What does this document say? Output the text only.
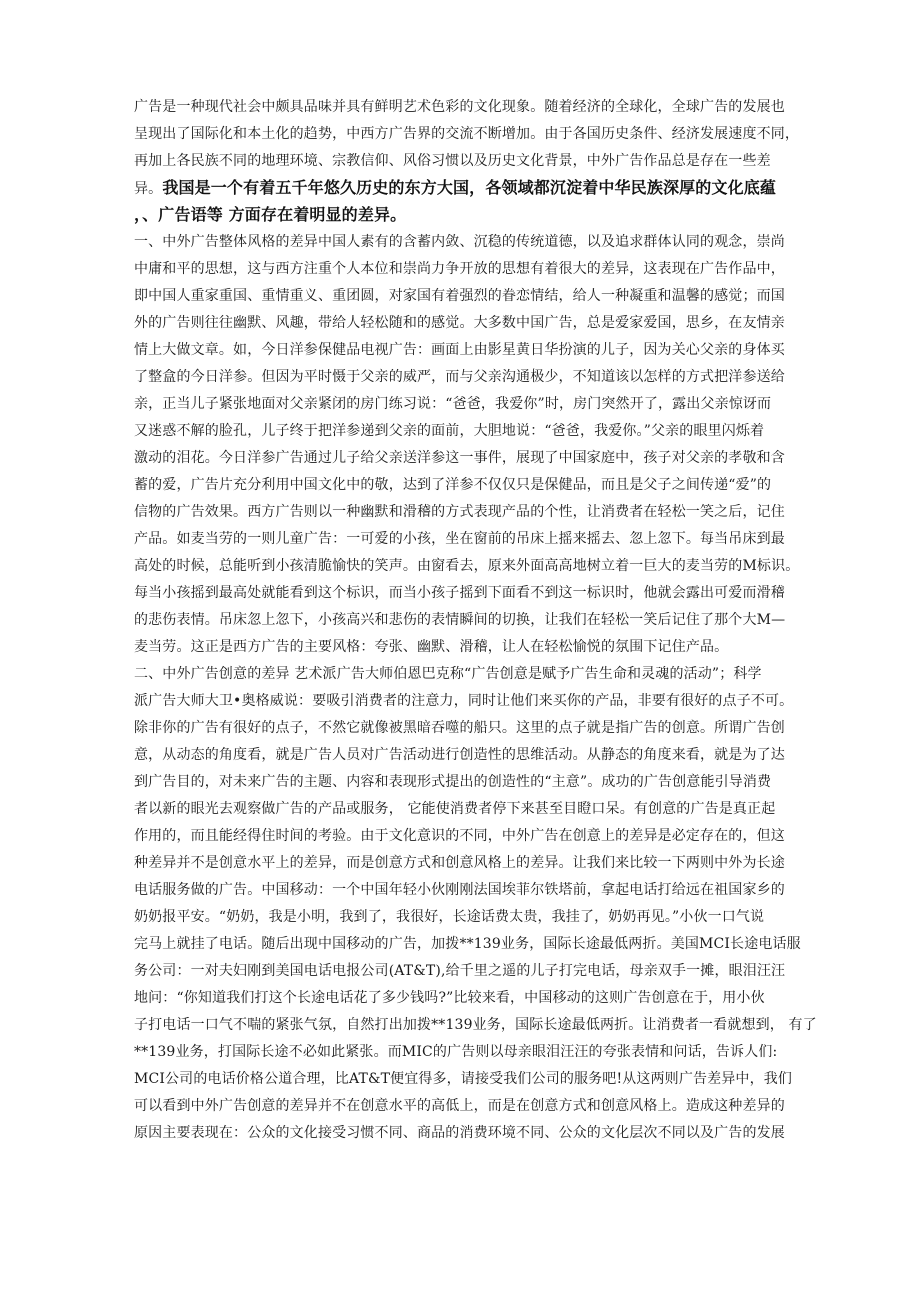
广告是一种现代社会中颇具品味并具有鲜明艺术色彩的文化现象。随着经济的全球化，全球广告的发展也
呈现出了国际化和本土化的趋势，中西方广告界的交流不断增加。由于各国历史条件、经济发展速度不同，
再加上各民族不同的地理环境、宗教信仰、风俗习惯以及历史文化背景，中外广告作品总是存在一些差
异。我国是一个有着五千年悠久历史的东方大国，各领域都沉淀着中华民族深厚的文化底蕴
，、广告语等 方面存在着明显的差异。
一、中外广告整体风格的差异中国人素有的含蓄内敛、沉稳的传统道德，以及追求群体认同的观念，崇尚
中庸和平的思想，这与西方注重个人本位和崇尚力争开放的思想有着很大的差异，这表现在广告作品中，
即中国人重家重国、重情重义、重团圆，对家国有着强烈的眷恋情结，给人一种凝重和温馨的感觉；而国
外的广告则往往幽默、风趣，带给人轻松随和的感觉。大多数中国广告，总是爱家爱国，思乡，在友情亲
情上大做文章。如，今日洋参保健品电视广告：画面上由影星黄日华扮演的儿子，因为关心父亲的身体买
了整盒的今日洋参。但因为平时慑于父亲的威严，而与父亲沟通极少，不知道该以怎样的方式把洋参送给
亲，正当儿子紧张地面对父亲紧闭的房门练习说：“爸爸，我爱你”时，房门突然开了，露出父亲惊讶而
又迷惑不解的脸孔，儿子终于把洋参递到父亲的面前，大胆地说：“爸爸，我爱你。”父亲的眼里闪烁着
激动的泪花。今日洋参广告通过儿子给父亲送洋参这一事件，展现了中国家庭中，孩子对父亲的孝敬和含
蓄的爱，广告片充分利用中国文化中的敬，达到了洋参不仅仅只是保健品，而且是父子之间传递“爱”的
信物的广告效果。西方广告则以一种幽默和滑稽的方式表现产品的个性，让消费者在轻松一笑之后，记住
产品。如麦当劳的一则儿童广告：一可爱的小孩，坐在窗前的吊床上摇来摇去、忽上忽下。每当吊床到最
高处的时候，总能听到小孩清脆愉快的笑声。由窗看去，原来外面高高地树立着一巨大的麦当劳的M标识。
每当小孩摇到最高处就能看到这个标识，而当小孩子摇到下面看不到这一标识时，他就会露出可爱而滑稽
的悲伤表情。吊床忽上忽下，小孩高兴和悲伤的表情瞬间的切换，让我们在轻松一笑后记住了那个大M—
麦当劳。这正是西方广告的主要风格：夸张、幽默、滑稽，让人在轻松愉悦的氛围下记住产品。
二、中外广告创意的差异 艺术派广告大师伯恩巴克称“广告创意是赋予广告生命和灵魂的活动”；科学
派广告大师大卫•奥格威说：要吸引消费者的注意力，同时让他们来买你的产品，非要有很好的点子不可。
除非你的广告有很好的点子，不然它就像被黑暗吞噬的船只。这里的点子就是指广告的创意。所谓广告创
意，从动态的角度看，就是广告人员对广告活动进行创造性的思维活动。从静态的角度来看，就是为了达
到广告目的，对未来广告的主题、内容和表现形式提出的创造性的“主意”。成功的广告创意能引导消费
者以新的眼光去观察做广告的产品或服务， 它能使消费者停下来甚至目瞪口呆。有创意的广告是真正起
作用的，而且能经得住时间的考验。由于文化意识的不同，中外广告在创意上的差异是必定存在的，但这
种差异并不是创意水平上的差异，而是创意方式和创意风格上的差异。让我们来比较一下两则中外为长途
电话服务做的广告。中国移动：一个中国年轻小伙刚刚法国埃菲尔铁塔前，拿起电话打给远在祖国家乡的
奶奶报平安。“奶奶，我是小明，我到了，我很好，长途话费太贵，我挂了，奶奶再见。”小伙一口气说
完马上就挂了电话。随后出现中国移动的广告，加拨**139业务，国际长途最低两折。美国MCI长途电话服
务公司：一对夫妇刚到美国电话电报公司(AT&T),给千里之遥的儿子打完电话，母亲双手一摊，眼泪汪汪
地问：“你知道我们打这个长途电话花了多少钱吗?”比较来看，中国移动的这则广告创意在于，用小伙
子打电话一口气不喘的紧张气氛，自然打出加拨**139业务，国际长途最低两折。让消费者一看就想到， 有了
**139业务，打国际长途不必如此紧张。而MIC的广告则以母亲眼泪汪汪的夸张表情和问话，告诉人们:
MCI公司的电话价格公道合理，比AT&T便宜得多，请接受我们公司的服务吧!从这两则广告差异中，我们
可以看到中外广告创意的差异并不在创意水平的高低上，而是在创意方式和创意风格上。造成这种差异的
原因主要表现在：公众的文化接受习惯不同、商品的消费环境不同、公众的文化层次不同以及广告的发展
